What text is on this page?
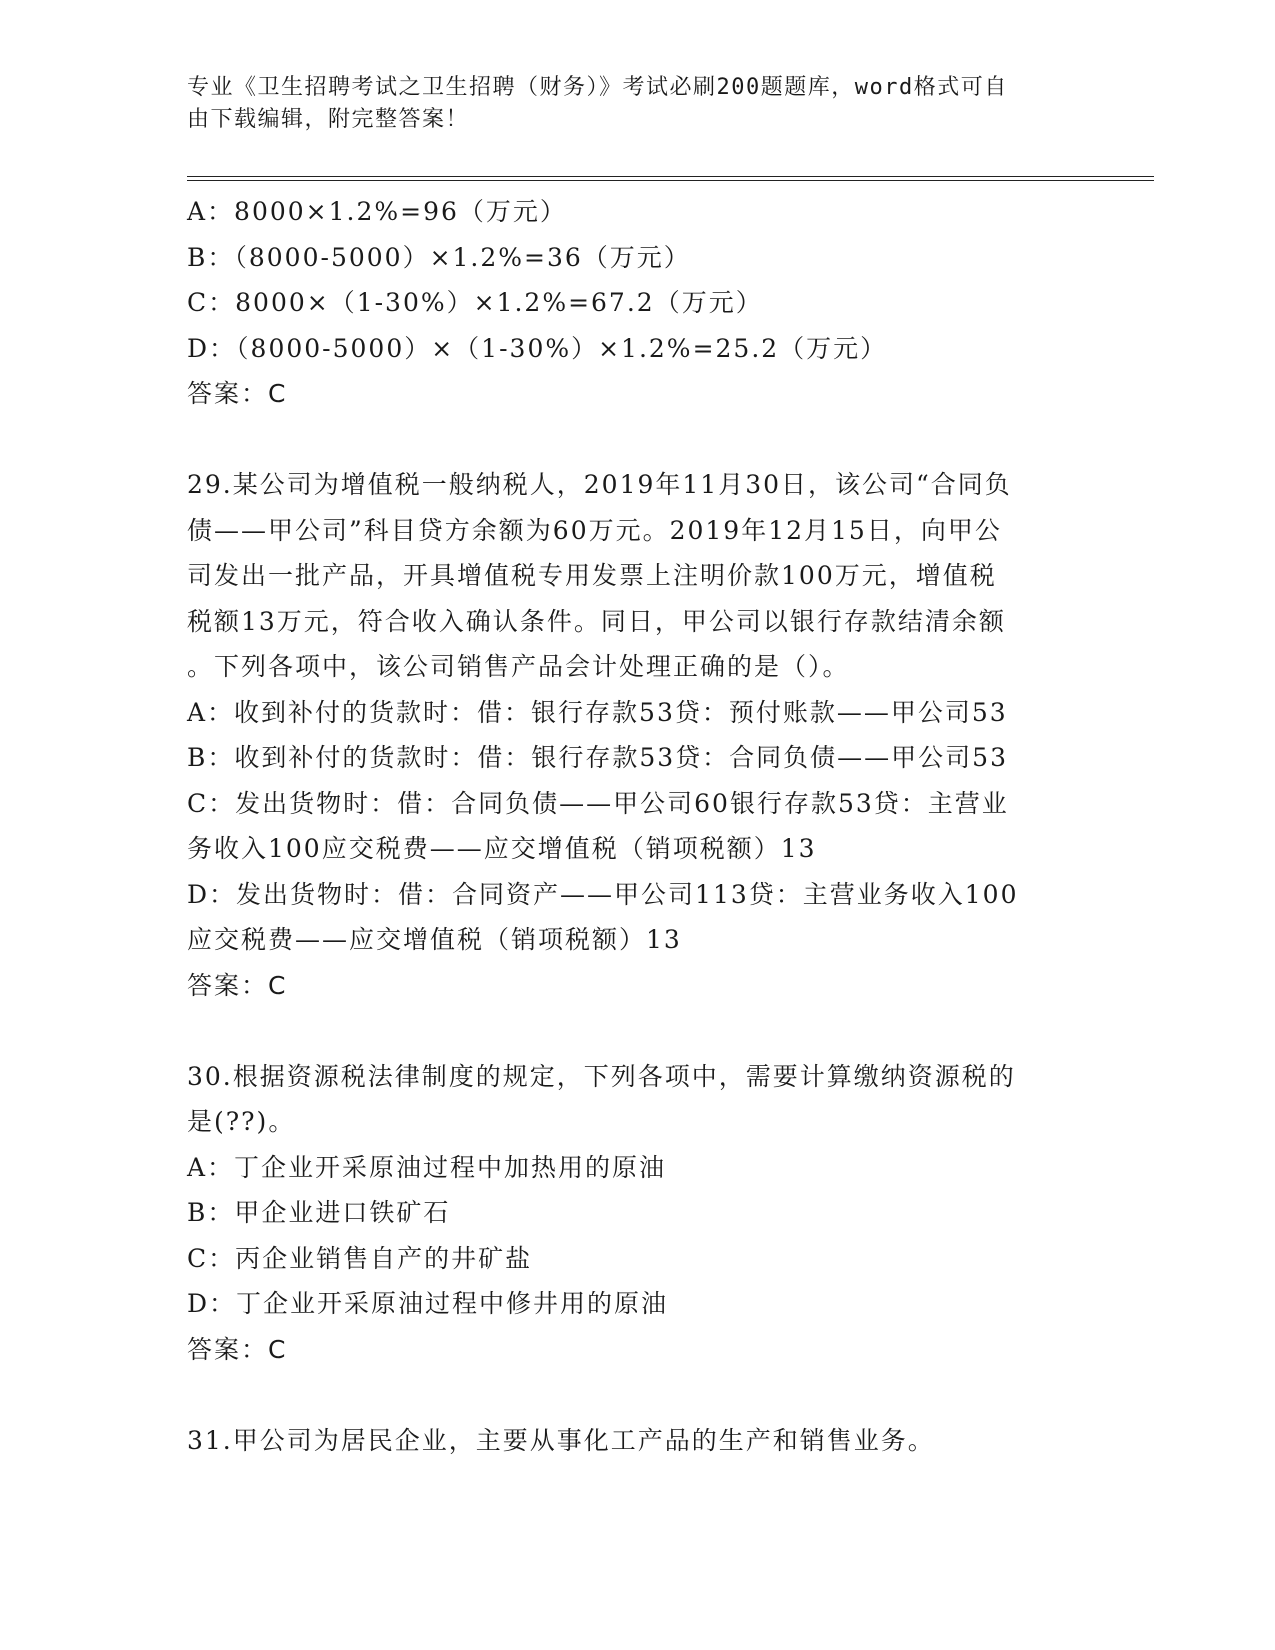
专业《卫生招聘考试之卫生招聘（财务）》考试必刷200题题库，word格式可自
由下载编辑，附完整答案！
A：8000×1.2%=96（万元）
B：（8000-5000）×1.2%=36（万元）
C：8000×（1-30%）×1.2%=67.2（万元）
D：（8000-5000）×（1-30%）×1.2%=25.2（万元）
答案：C
29.某公司为增值税一般纳税人，2019年11月30日，该公司“合同负
债——甲公司”科目贷方余额为60万元。2019年12月15日，向甲公
司发出一批产品，开具增值税专用发票上注明价款100万元，增值税
税额13万元，符合收入确认条件。同日，甲公司以银行存款结清余额
。下列各项中，该公司销售产品会计处理正确的是（）。
A：收到补付的货款时：借：银行存款53贷：预付账款——甲公司53
B：收到补付的货款时：借：银行存款53贷：合同负债——甲公司53
C：发出货物时：借：合同负债——甲公司60银行存款53贷：主营业
务收入100应交税费——应交增值税（销项税额）13
D：发出货物时：借：合同资产——甲公司113贷：主营业务收入100
应交税费——应交增值税（销项税额）13
答案：C
30.根据资源税法律制度的规定，下列各项中，需要计算缴纳资源税的
是(??)。
A：丁企业开采原油过程中加热用的原油
B：甲企业进口铁矿石
C：丙企业销售自产的井矿盐
D：丁企业开采原油过程中修井用的原油
答案：C
31.甲公司为居民企业，主要从事化工产品的生产和销售业务。
